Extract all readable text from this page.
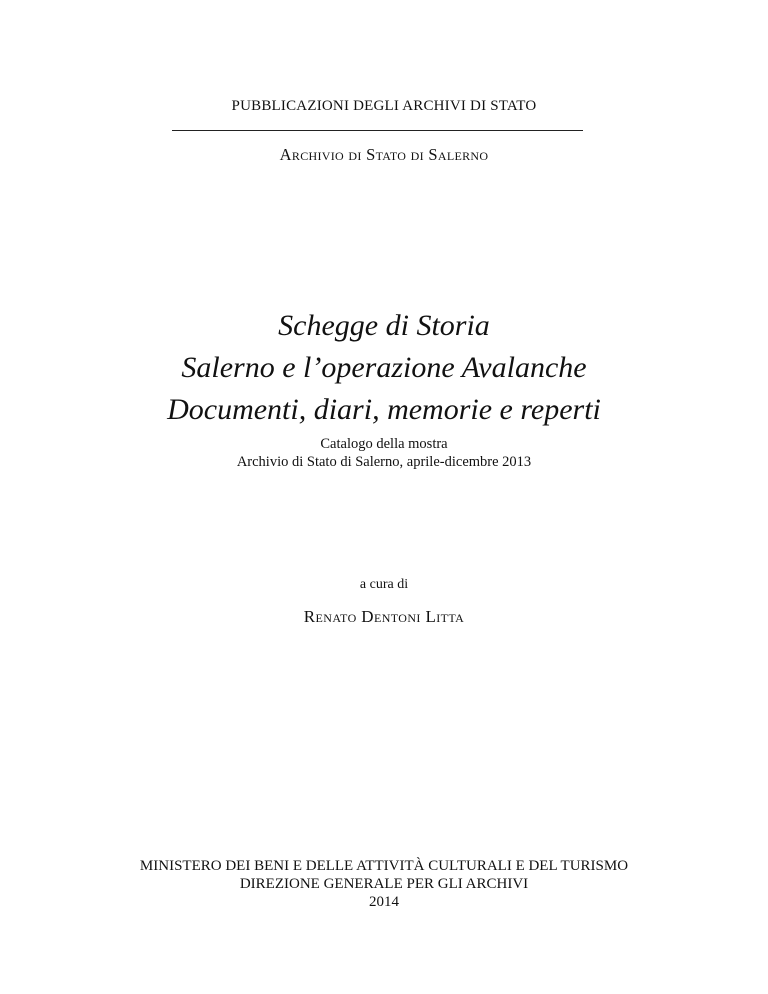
PUBBLICAZIONI DEGLI ARCHIVI DI STATO
Archivio di Stato di Salerno
Schegge di Storia
Salerno e l’operazione Avalanche
Documenti, diari, memorie e reperti
Catalogo della mostra
Archivio di Stato di Salerno, aprile-dicembre 2013
a cura di
Renato Dentoni Litta
MINISTERO DEI BENI E DELLE ATTIVITÀ CULTURALI E DEL TURISMO
DIREZIONE GENERALE PER GLI ARCHIVI
2014
